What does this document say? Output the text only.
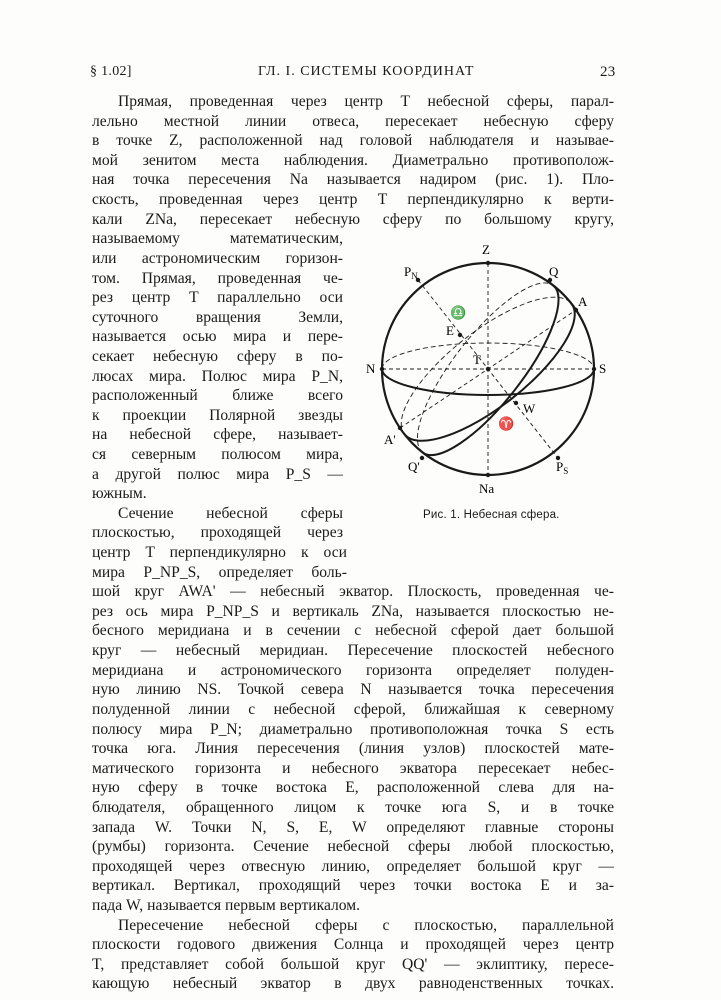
§ 1.02]	ГЛ. I. СИСТЕМЫ КООРДИНАТ	23
Прямая, проведенная через центр T небесной сферы, парал-
лельно местной линии отвеса, пересекает небесную сферу
в точке Z, расположенной над головой наблюдателя и называе-
мой зенитом места наблюдения. Диаметрально противополож-
ная точка пересечения Na называется надиром (рис. 1). Пло-
скость, проведенная через центр T перпендикулярно к верти-
кали ZNa, пересекает небесную сферу по большому кругу,
называемому математическим,
или астрономическим горизон-
том. Прямая, проведенная че-
рез центр T параллельно оси
суточного вращения Земли,
называется осью мира и пере-
секает небесную сферу в по-
люсах мира. Полюс мира P_N,
расположенный ближе всего
к проекции Полярной звезды
на небесной сфере, называет-
ся северным полюсом мира,
а другой полюс мира P_S —
южным.
Сечение небесной сферы
плоскостью, проходящей через
центр T перпендикулярно к оси
мира P_NP_S, определяет боль-
шой круг AWA' — небесный экватор. Плоскость, проведенная че-
рез ось мира P_NP_S и вертикаль ZNa, называется плоскостью не-
бесного меридиана и в сечении с небесной сферой дает большой
круг — небесный меридиан. Пересечение плоскостей небесного
меридиана и астрономического горизонта определяет полуден-
ную линию NS. Точкой севера N называется точка пересечения
полуденной линии с небесной сферой, ближайшая к северному
полюсу мира P_N; диаметрально противоположная точка S есть
точка юга. Линия пересечения (линия узлов) плоскостей мате-
матического горизонта и небесного экватора пересекает небес-
ную сферу в точке востока E, расположенной слева для на-
блюдателя, обращенного лицом к точке юга S, и в точке
запада W. Точки N, S, E, W определяют главные стороны
(румбы) горизонта. Сечение небесной сферы любой плоскостью,
проходящей через отвесную линию, определяет большой круг —
вертикал. Вертикал, проходящий через точки востока E и за-
пада W, называется первым вертикалом.
Пересечение небесной сферы с плоскостью, параллельной
плоскости годового движения Солнца и проходящей через центр
T, представляет собой большой круг QQ' — эклиптику, пересе-
кающую небесный экватор в двух равноденственных точках.
Z
$P_N$	Q
A
♎
E
T
N	S
W
♈
A'
Q'	$P_S$
Na
Рис. 1. Небесная сфера.
